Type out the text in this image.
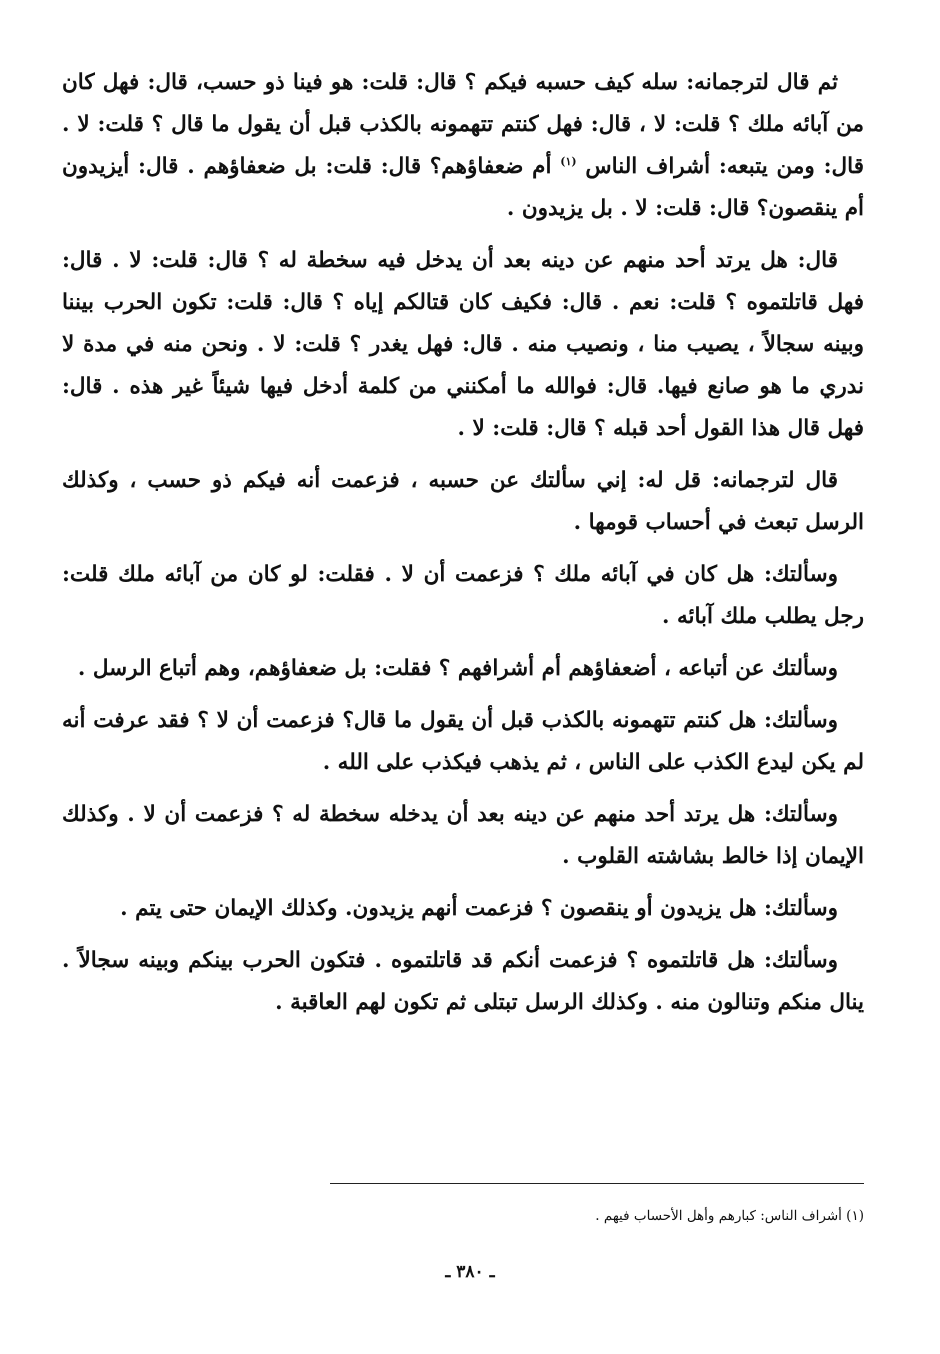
ثم قال لترجمانه: سله كيف حسبه فيكم ؟ قال: قلت: هو فينا ذو حسب، قال: فهل كان من آبائه ملك ؟ قلت: لا ، قال: فهل كنتم تتهمونه بالكذب قبل أن يقول ما قال ؟ قلت: لا . قال: ومن يتبعه: أشراف الناس $^{(١)}$ أم ضعفاؤهم؟ قال: قلت: بل ضعفاؤهم . قال: أيزيدون أم ينقصون؟ قال: قلت: لا . بل يزيدون .

قال: هل يرتد أحد منهم عن دينه بعد أن يدخل فيه سخطة له ؟ قال: قلت: لا . قال: فهل قاتلتموه ؟ قلت: نعم . قال: فكيف كان قتالكم إياه ؟ قال: قلت: تكون الحرب بيننا وبينه سجالاً ، يصيب منا ، ونصيب منه . قال: فهل يغدر ؟ قلت: لا . ونحن منه في مدة لا ندري ما هو صانع فيها. قال: فوالله ما أمكنني من كلمة أدخل فيها شيئاً غير هذه . قال: فهل قال هذا القول أحد قبله ؟ قال: قلت: لا .

قال لترجمانه: قل له: إني سألتك عن حسبه ، فزعمت أنه فيكم ذو حسب ، وكذلك الرسل تبعث في أحساب قومها .

وسألتك: هل كان في آبائه ملك ؟ فزعمت أن لا . فقلت: لو كان من آبائه ملك قلت: رجل يطلب ملك آبائه .

وسألتك عن أتباعه ، أضعفاؤهم أم أشرافهم ؟ فقلت: بل ضعفاؤهم، وهم أتباع الرسل .

وسألتك: هل كنتم تتهمونه بالكذب قبل أن يقول ما قال؟ فزعمت أن لا ؟ فقد عرفت أنه لم يكن ليدع الكذب على الناس ، ثم يذهب فيكذب على الله .

وسألتك: هل يرتد أحد منهم عن دينه بعد أن يدخله سخطة له ؟ فزعمت أن لا . وكذلك الإيمان إذا خالط بشاشته القلوب .

وسألتك: هل يزيدون أو ينقصون ؟ فزعمت أنهم يزيدون. وكذلك الإيمان حتى يتم .

وسألتك: هل قاتلتموه ؟ فزعمت أنكم قد قاتلتموه . فتكون الحرب بينكم وبينه سجالاً . ينال منكم وتنالون منه . وكذلك الرسل تبتلى ثم تكون لهم العاقبة .

(١) أشراف الناس: كبارهم وأهل الأحساب فيهم .
ـ ٣٨٠ ـ
